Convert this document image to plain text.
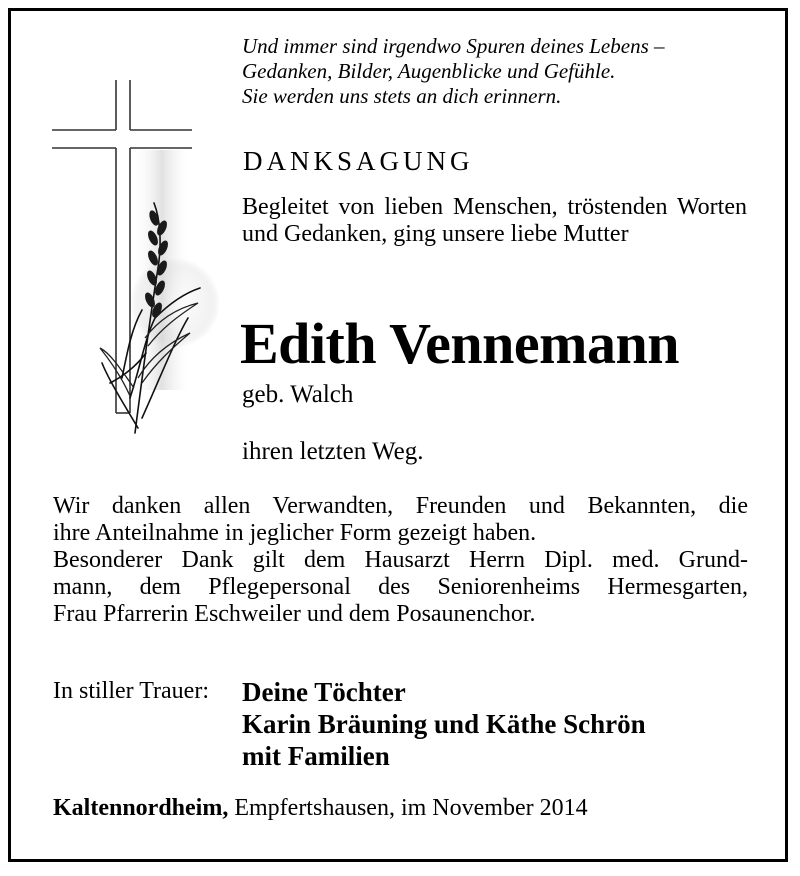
Und immer sind irgendwo Spuren deines Lebens –
Gedanken, Bilder, Augenblicke und Gefühle.
Sie werden uns stets an dich erinnern.
DANKSAGUNG
Begleitet von lieben Menschen, tröstenden Worten und Gedanken, ging unsere liebe Mutter
Edith Vennemann
geb. Walch
ihren letzten Weg.
Wir danken allen Verwandten, Freunden und Bekannten, die
ihre Anteilnahme in jeglicher Form gezeigt haben.
Besonderer Dank gilt dem Hausarzt Herrn Dipl. med. Grund-
mann, dem Pflegepersonal des Seniorenheims Hermesgarten,
Frau Pfarrerin Eschweiler und dem Posaunenchor.
In stiller Trauer: Deine Töchter
Karin Bräuning und Käthe Schrön
mit Familien
Kaltennordheim, Empfertshausen, im November 2014
